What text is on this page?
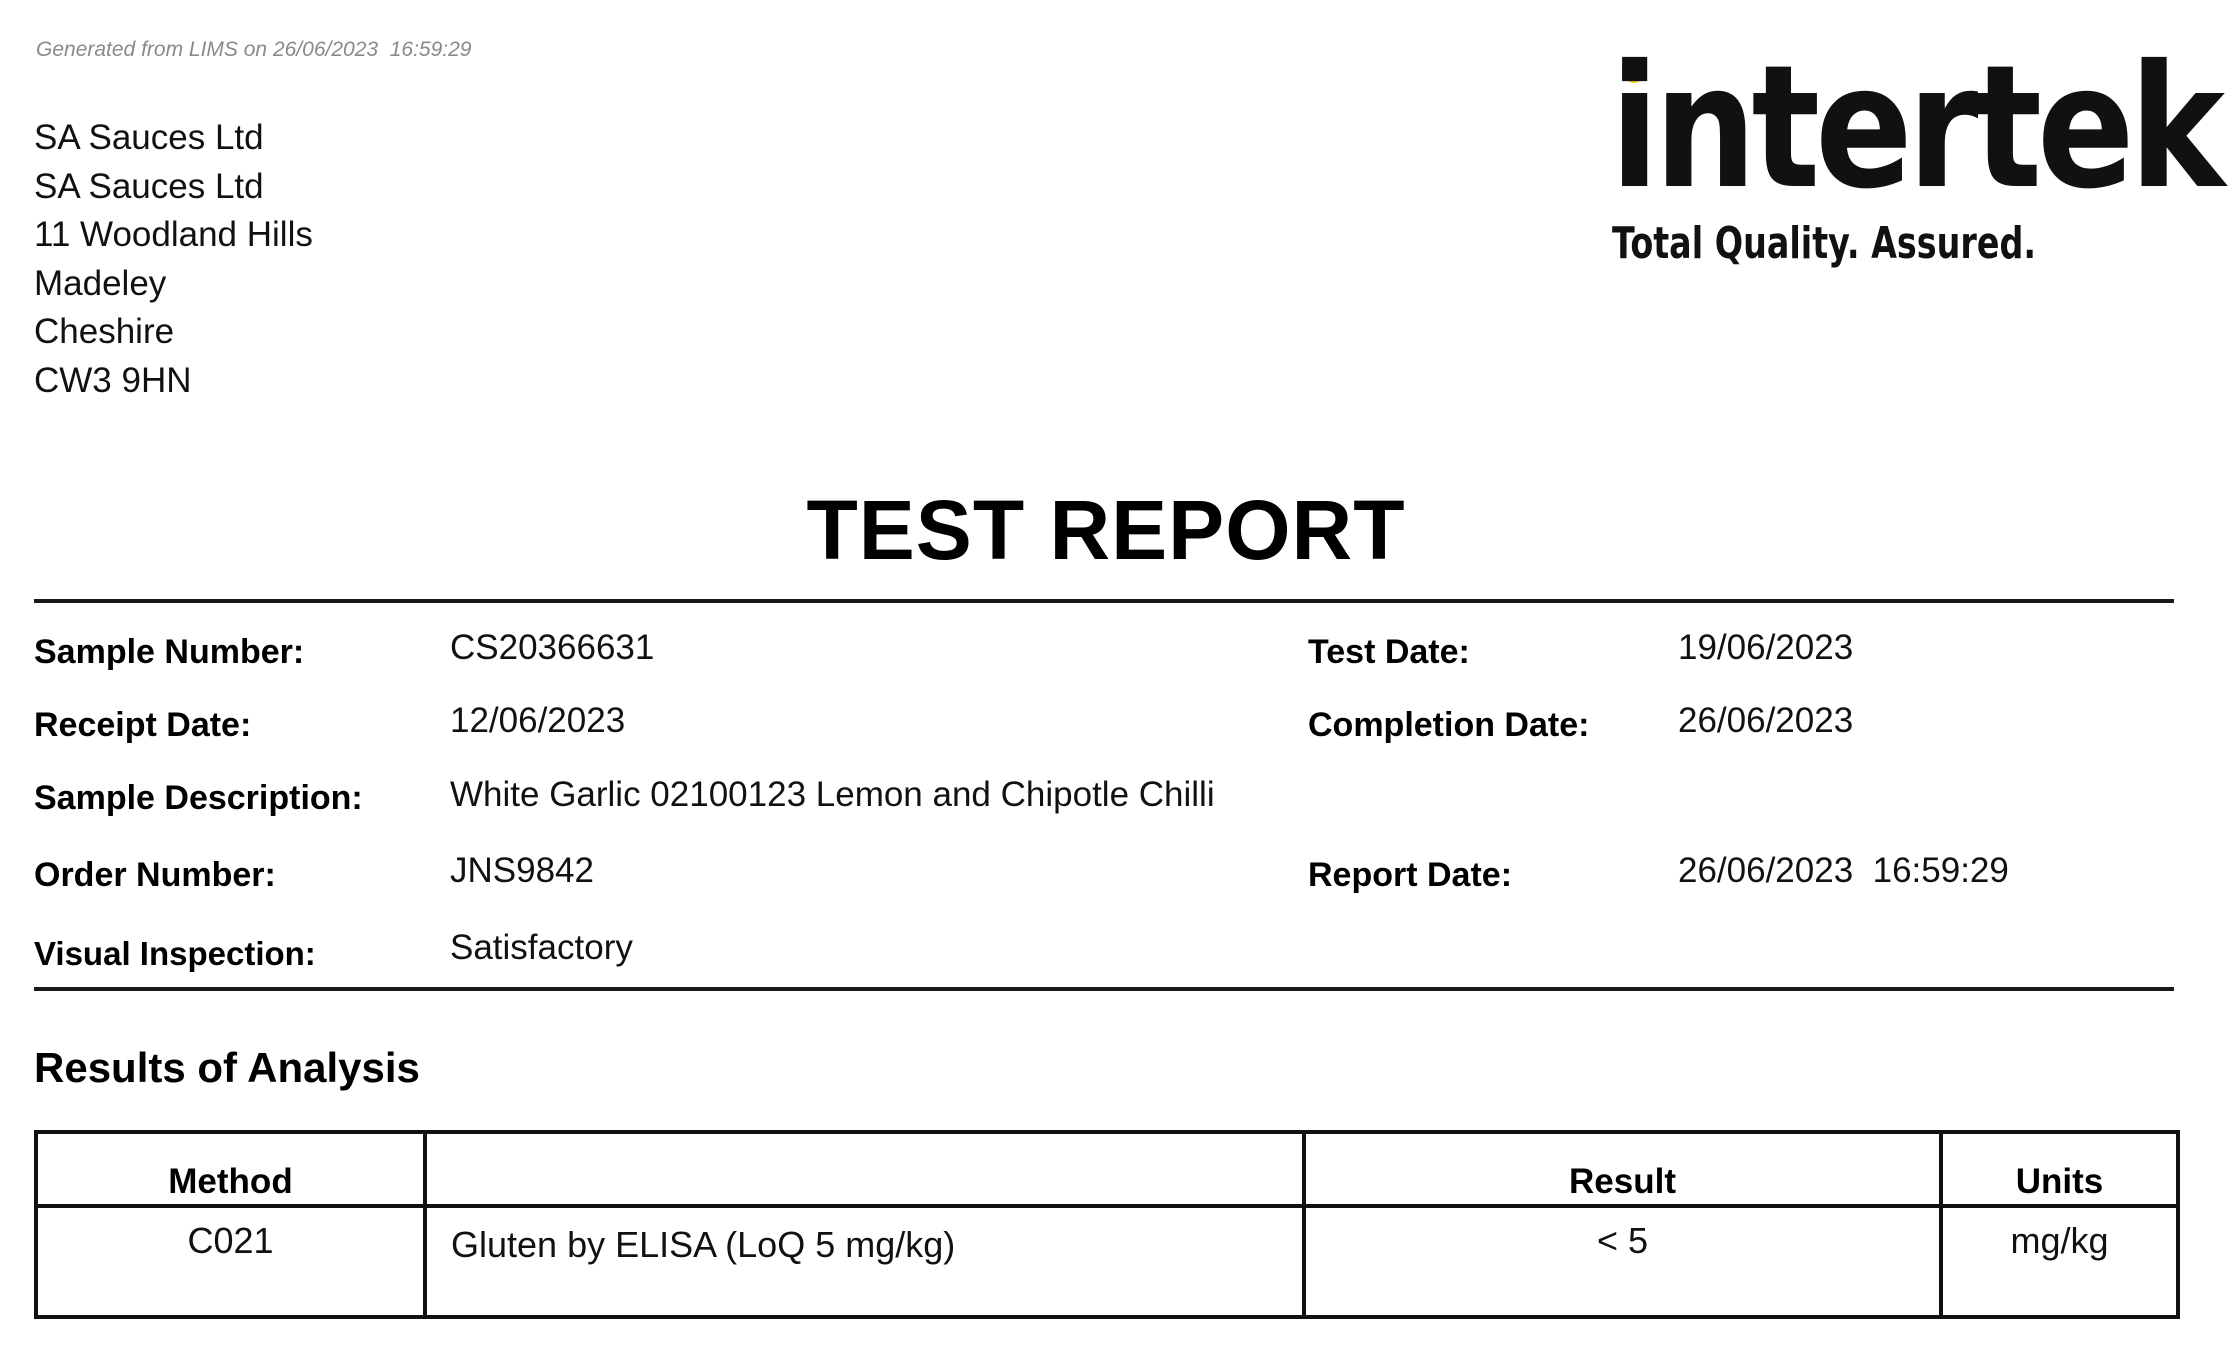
Generated from LIMS on 26/06/2023  16:59:29
SA Sauces Ltd
SA Sauces Ltd
11 Woodland Hills
Madeley
Cheshire
CW3 9HN
intertek
Total Quality. Assured.
TEST REPORT
Sample Number:	CS20366631	Test Date:	19/06/2023
Receipt Date:	12/06/2023	Completion Date:	26/06/2023
Sample Description: White Garlic 02100123 Lemon and Chipotle Chilli
Order Number:	JNS9842	Report Date:	26/06/2023  16:59:29
Visual Inspection:	Satisfactory
Results of Analysis
Method		Result	Units
C021	Gluten by ELISA (LoQ 5 mg/kg)	< 5	mg/kg
